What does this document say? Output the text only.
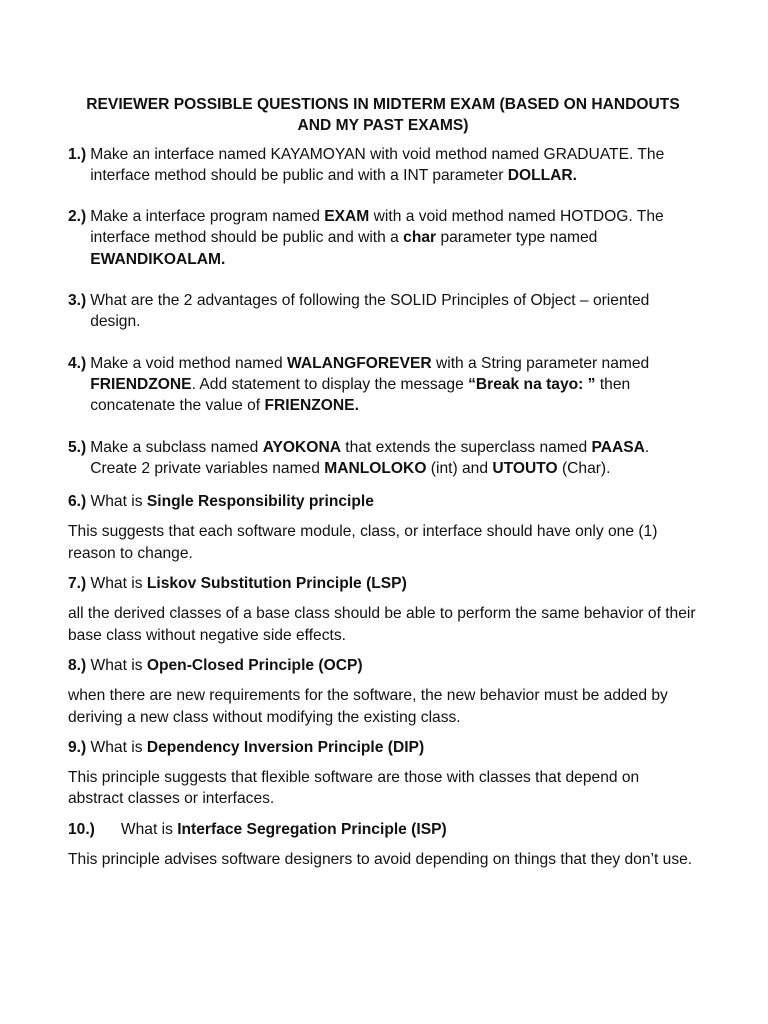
REVIEWER POSSIBLE QUESTIONS IN MIDTERM EXAM (BASED ON HANDOUTS AND MY PAST EXAMS)
1.) Make an interface named KAYAMOYAN with void method named GRADUATE. The interface method should be public and with a INT parameter DOLLAR.
2.) Make a interface program named EXAM with a void method named HOTDOG. The interface method should be public and with a char parameter type named
EWANDIKOALAM.
3.) What are the 2 advantages of following the SOLID Principles of Object – oriented design.
4.) Make a void method named WALANGFOREVER with a String parameter named
FRIENDZONE. Add statement to display the message “Break na tayo: ” then concatenate the value of FRIENZONE.
5.) Make a subclass named AYOKONA that extends the superclass named PAASA. Create 2 private variables named MANLOLOKO (int) and UTOUTO (Char).
6.) What is Single Responsibility principle
This suggests that each software module, class, or interface should have only one (1) reason to change.
7.) What is Liskov Substitution Principle (LSP)
all the derived classes of a base class should be able to perform the same behavior of their base class without negative side effects.
8.) What is Open-Closed Principle (OCP)
when there are new requirements for the software, the new behavior must be added by deriving a new class without modifying the existing class.
9.) What is Dependency Inversion Principle (DIP)
This principle suggests that flexible software are those with classes that depend on abstract classes or interfaces.
10.) What is Interface Segregation Principle (ISP)
This principle advises software designers to avoid depending on things that they don’t use.
